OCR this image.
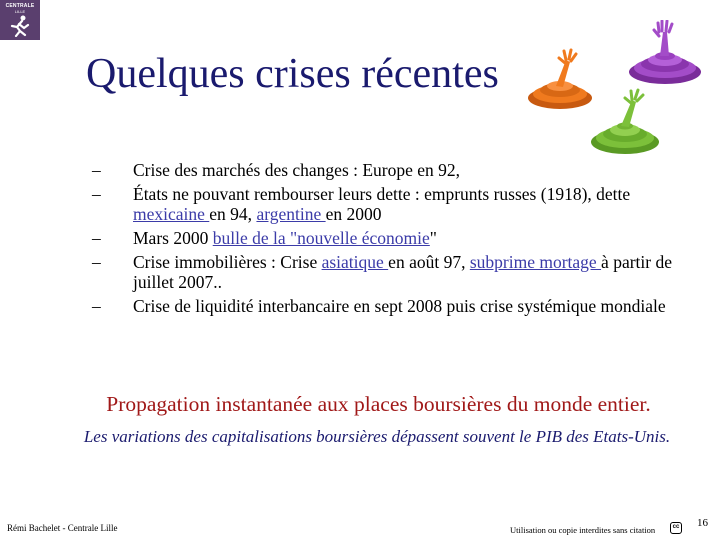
CENTRALE
LILLE
Quelques crises récentes
–	Crise des marchés des changes : Europe en 92,
–	États ne pouvant rembourser leurs dette : emprunts russes (1918), dette mexicaine en 94, argentine en 2000
–	Mars 2000 bulle de la "nouvelle économie"
–	Crise immobilières : Crise asiatique en août 97, subprime mortage à partir de juillet 2007..
–	Crise de liquidité interbancaire en sept 2008 puis crise systémique mondiale
Propagation instantanée aux places boursières du monde entier.
Les variations des capitalisations boursières dépassent souvent le PIB des Etats-Unis.
Rémi Bachelet - Centrale Lille	Utilisation ou copie interdites sans citation	cc 16
